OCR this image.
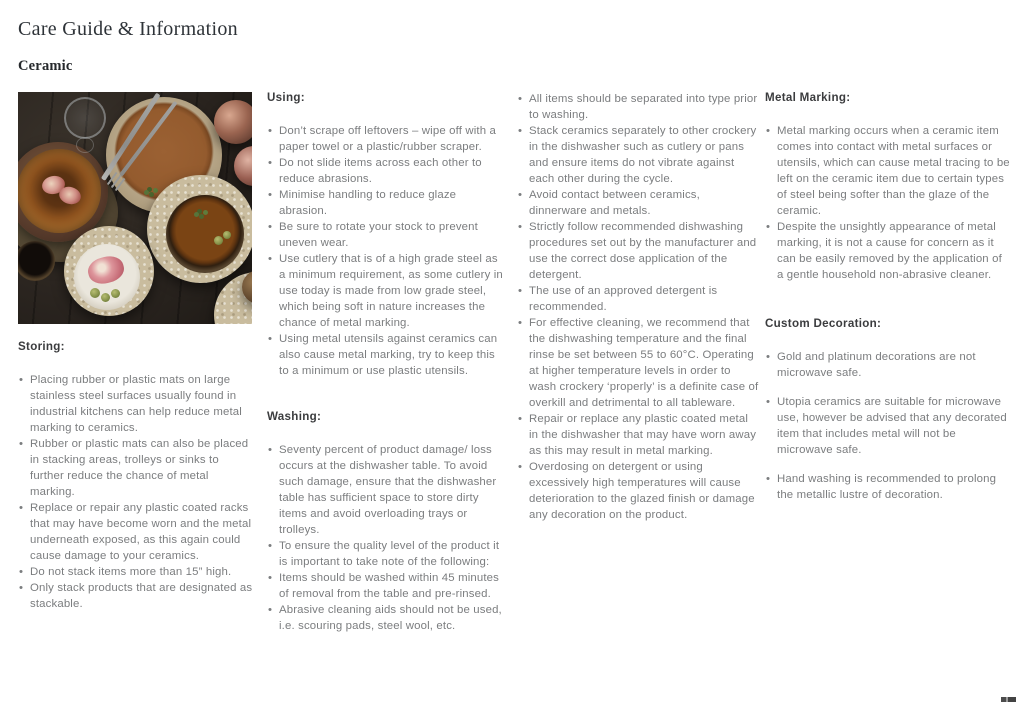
Care Guide & Information
Ceramic
Storing:
• Placing rubber or plastic mats on large stainless steel surfaces usually found in industrial kitchens can help reduce metal marking to ceramics.
• Rubber or plastic mats can also be placed in stacking areas, trolleys or sinks to further reduce the chance of metal marking.
• Replace or repair any plastic coated racks that may have become worn and the metal underneath exposed, as this again could cause damage to your ceramics.
• Do not stack items more than 15” high.
• Only stack products that are designated as stackable.
Using:
• Don’t scrape off leftovers – wipe off with a paper towel or a plastic/rubber scraper.
• Do not slide items across each other to reduce abrasions.
• Minimise handling to reduce glaze abrasion.
• Be sure to rotate your stock to prevent uneven wear.
• Use cutlery that is of a high grade steel as a minimum requirement, as some cutlery in use today is made from low grade steel, which being soft in nature increases the chance of metal marking.
• Using metal utensils against ceramics can also cause metal marking, try to keep this to a minimum or use plastic utensils.
Washing:
• Seventy percent of product damage/ loss occurs at the dishwasher table. To avoid such damage, ensure that the dishwasher table has sufficient space to store dirty items and avoid overloading trays or trolleys.
• To ensure the quality level of the product it is important to take note of the following:
• Items should be washed within 45 minutes of removal from the table and pre-rinsed.
• Abrasive cleaning aids should not be used, i.e. scouring pads, steel wool, etc.
• All items should be separated into type prior to washing.
• Stack ceramics separately to other crockery in the dishwasher such as cutlery or pans and ensure items do not vibrate against each other during the cycle.
• Avoid contact between ceramics, dinnerware and metals.
• Strictly follow recommended dishwashing procedures set out by the manufacturer and use the correct dose application of the detergent.
• The use of an approved detergent is recommended.
• For effective cleaning, we recommend that the dishwashing temperature and the final rinse be set between 55 to 60°C. Operating at higher temperature levels in order to wash crockery ‘properly’ is a definite case of overkill and detrimental to all tableware.
• Repair or replace any plastic coated metal in the dishwasher that may have worn away as this may result in metal marking.
• Overdosing on detergent or using excessively high temperatures will cause deterioration to the glazed finish or damage any decoration on the product.
Metal Marking:
• Metal marking occurs when a ceramic item comes into contact with metal surfaces or utensils, which can cause metal tracing to be left on the ceramic item due to certain types of steel being softer than the glaze of the ceramic.
• Despite the unsightly appearance of metal marking, it is not a cause for concern as it can be easily removed by the application of a gentle household non-abrasive cleaner.
Custom Decoration:
• Gold and platinum decorations are not microwave safe.
• Utopia ceramics are suitable for microwave use, however be advised that any decorated item that includes metal will not be microwave safe.
• Hand washing is recommended to prolong the metallic lustre of decoration.
